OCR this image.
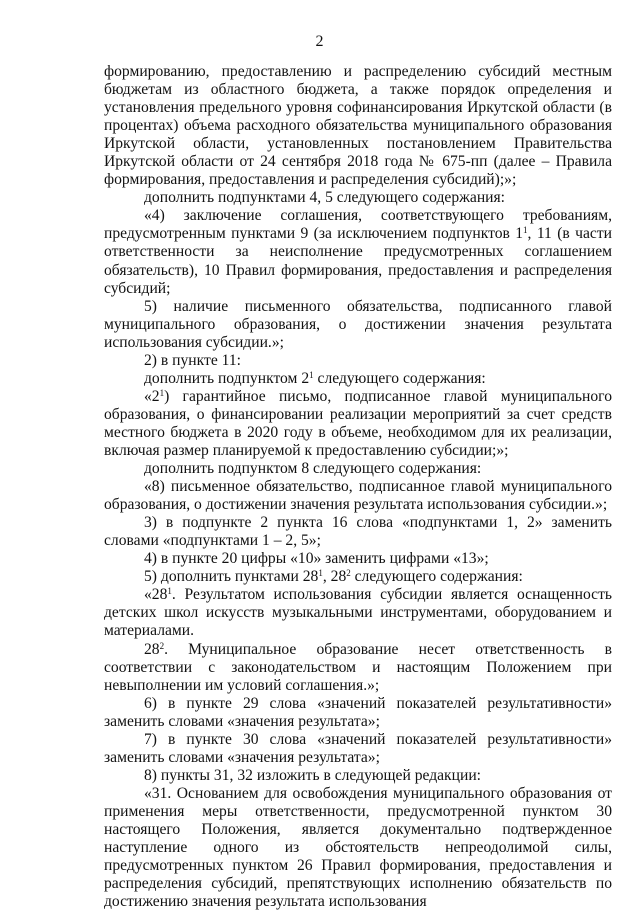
2

формированию, предоставлению и распределению субсидий местным бюджетам из областного бюджета, а также порядок определения и установления предельного уровня софинансирования Иркутской области (в процентах) объема расходного обязательства муниципального образования Иркутской области, установленных постановлением Правительства Иркутской области от 24 сентября 2018 года № 675-пп (далее – Правила формирования, предоставления и распределения субсидий);»;

дополнить подпунктами 4, 5 следующего содержания:

«4) заключение соглашения, соответствующего требованиям, предусмотренным пунктами 9 (за исключением подпунктов $1^1$, 11 (в части ответственности за неисполнение предусмотренных соглашением обязательств), 10 Правил формирования, предоставления и распределения субсидий;

5) наличие письменного обязательства, подписанного главой муниципального образования, о достижении значения результата использования субсидии.»;

2) в пункте 11:

дополнить подпунктом $2^1$ следующего содержания:

«$2^1$) гарантийное письмо, подписанное главой муниципального образования, о финансировании реализации мероприятий за счет средств местного бюджета в 2020 году в объеме, необходимом для их реализации, включая размер планируемой к предоставлению субсидии;»;

дополнить подпунктом 8 следующего содержания:

«8) письменное обязательство, подписанное главой муниципального образования, о достижении значения результата использования субсидии.»;

3) в подпункте 2 пункта 16 слова «подпунктами 1, 2» заменить словами «подпунктами 1 – 2, 5»;

4) в пункте 20 цифры «10» заменить цифрами «13»;

5) дополнить пунктами $28^1$, $28^2$ следующего содержания:

«$28^1$. Результатом использования субсидии является оснащенность детских школ искусств музыкальными инструментами, оборудованием и материалами.

$28^2$. Муниципальное образование несет ответственность в соответствии с законодательством и настоящим Положением при невыполнении им условий соглашения.»;

6) в пункте 29 слова «значений показателей результативности» заменить словами «значения результата»;

7) в пункте 30 слова «значений показателей результативности» заменить словами «значения результата»;

8) пункты 31, 32 изложить в следующей редакции:

«31. Основанием для освобождения муниципального образования от применения меры ответственности, предусмотренной пунктом 30 настоящего Положения, является документально подтвержденное наступление одного из обстоятельств непреодолимой силы, предусмотренных пунктом 26 Правил формирования, предоставления и распределения субсидий, препятствующих исполнению обязательств по достижению значения результата использования
